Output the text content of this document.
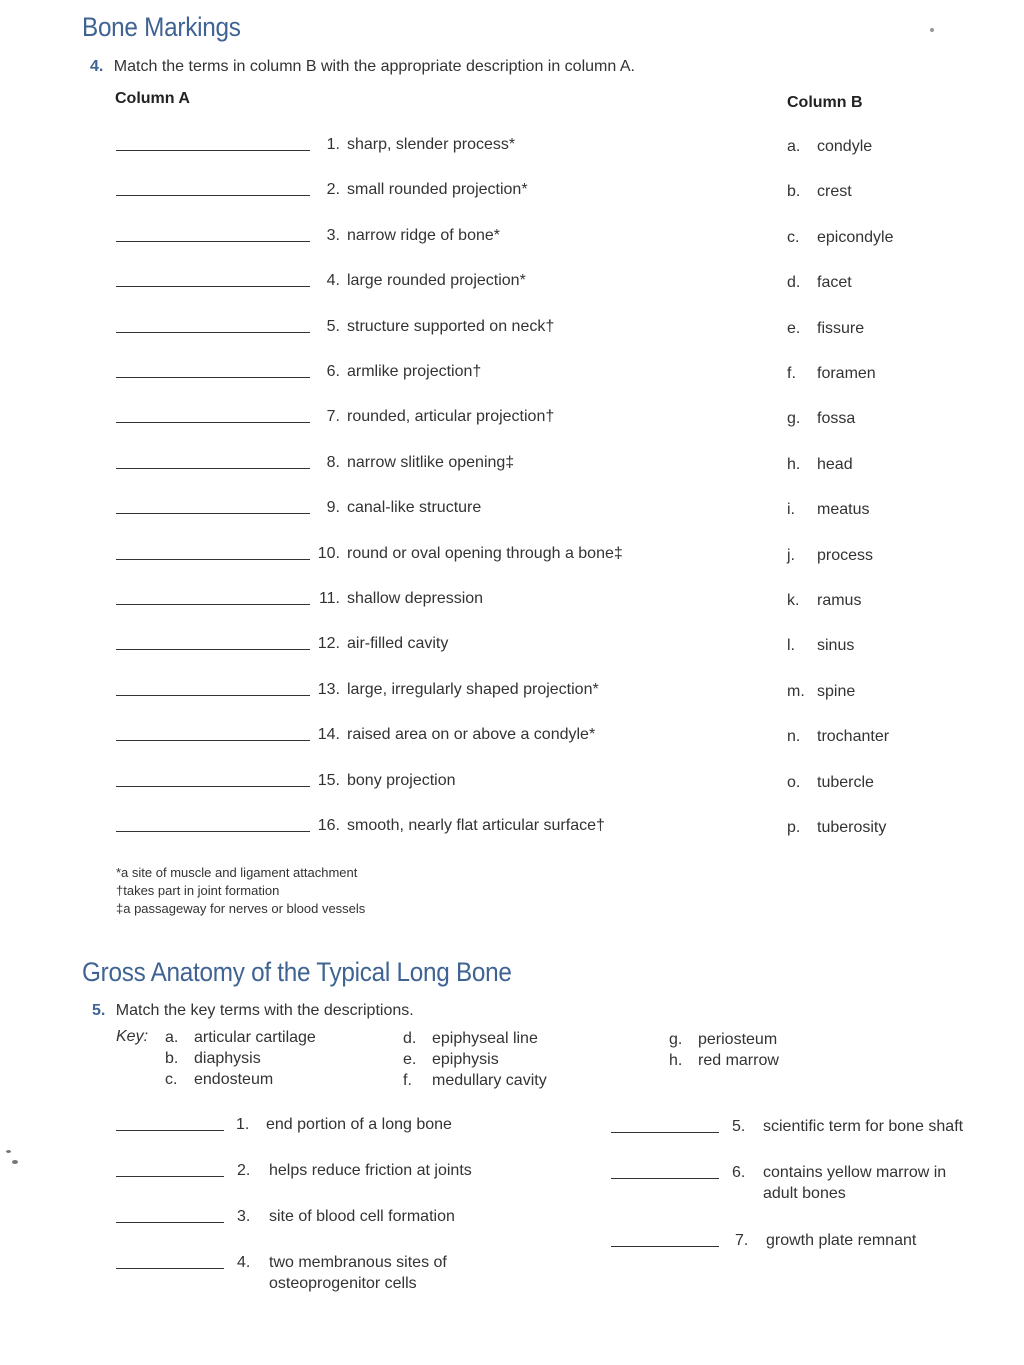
Bone Markings
4. Match the terms in column B with the appropriate description in column A.
Column A	Column B
1. sharp, slender process*
2. small rounded projection*
3. narrow ridge of bone*
4. large rounded projection*
5. structure supported on neck†
6. armlike projection†
7. rounded, articular projection†
8. narrow slitlike opening‡
9. canal-like structure
10. round or oval opening through a bone‡
11. shallow depression
12. air-filled cavity
13. large, irregularly shaped projection*
14. raised area on or above a condyle*
15. bony projection
16. smooth, nearly flat articular surface†
a. condyle
b. crest
c. epicondyle
d. facet
e. fissure
f. foramen
g. fossa
h. head
i. meatus
j. process
k. ramus
l. sinus
m. spine
n. trochanter
o. tubercle
p. tuberosity
*a site of muscle and ligament attachment
†takes part in joint formation
‡a passageway for nerves or blood vessels
Gross Anatomy of the Typical Long Bone
5. Match the key terms with the descriptions.
Key: a. articular cartilage
b. diaphysis
c. endosteum
d. epiphyseal line
e. epiphysis
f. medullary cavity
g. periosteum
h. red marrow
1. end portion of a long bone
2. helps reduce friction at joints
3. site of blood cell formation
4. two membranous sites of
osteoprogenitor cells
5. scientific term for bone shaft
6. contains yellow marrow in
adult bones
7. growth plate remnant
